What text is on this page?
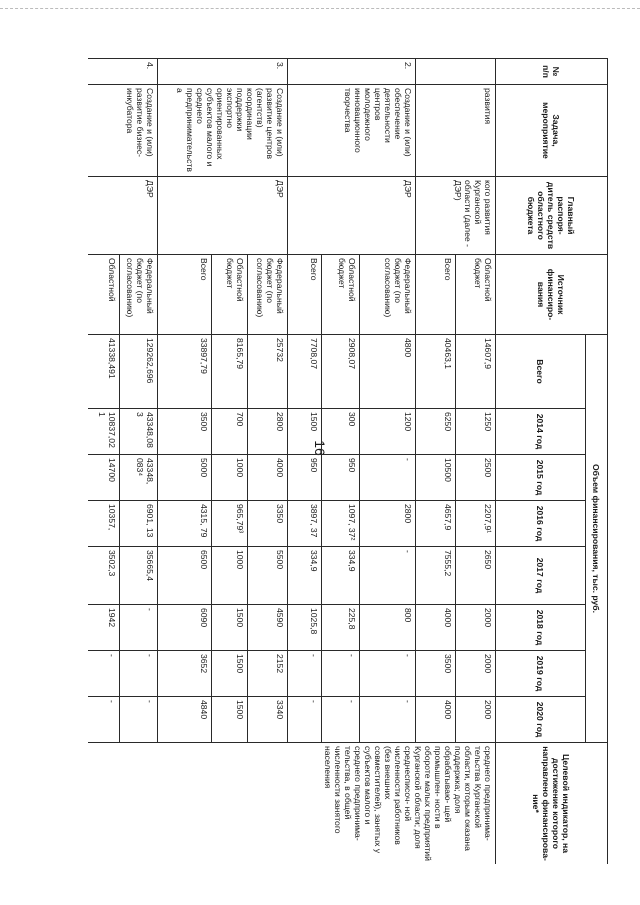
16
№ п/п	Задача, мероприятие	Главный распоря- дитель средств областного бюджета	Источник финансиро- вания	Объем финансирования, тыс. руб.								Целевой индикатор, на достижение которого направлено финансирова- ние*
				Всего	2014 год	2015 год	2016 год	2017 год	2018 год	2019 год	2020 год	
	развития	кого развития Курганской области (далее - ДЭР)	Областной бюджет	14607,9	1250	2500	2207,9¹	2650	2000	2000	2000	среднего предпринима- тельства Курганской области, которым оказана поддержка; доля обрабатываю- щей промышлен- ности в обороте малых предприятий Курганской области; доля среднесписоч- ной численности работников (без внешних совместителей), занятых у субъектов малого и среднего предпринима- тельства, в общей численности занятого населения
			Всего	40463,1	6250	10500	4657,9	7555,2	4000	3500	4000	
2.	Создание и (или) обеспечение деятельности центров молодежного инновационного творчества	ДЭР	Федеральный бюджет (по согласованию)	4800	1200	-	2800	-	800	-	-	
			Областной бюджет	2908,07	300	950	1097, 37²	334,9	225,8	-	-	
			Всего	7708,07	1500	950	3897, 37	334,9	1025,8	-	-	
3.	Создание и (или) развитие центров (агентств) координации поддержки экспортно ориентированных субъектов малого и среднего предпринимательства	ДЭР	Федеральный бюджет (по согласованию)	25732	2800	4000	3350	5500	4590	2152	3340	
			Областной бюджет	8165,79	700	1000	965,79³	1000	1500	1500	1500	
			Всего	33897,79	3500	5000	4315, 79	6500	6090	3652	4840	
4.	Создание и (или) развитие бизнес-инкубатора	ДЭР	Федеральный бюджет (по согласованию)	129262,696	43348,083	43348, 083⁴	6901, 13	35665,4	-	-	-	
			Областной	41338,491	10837,021	14700	10357,	3502,3	1942	-	-	
